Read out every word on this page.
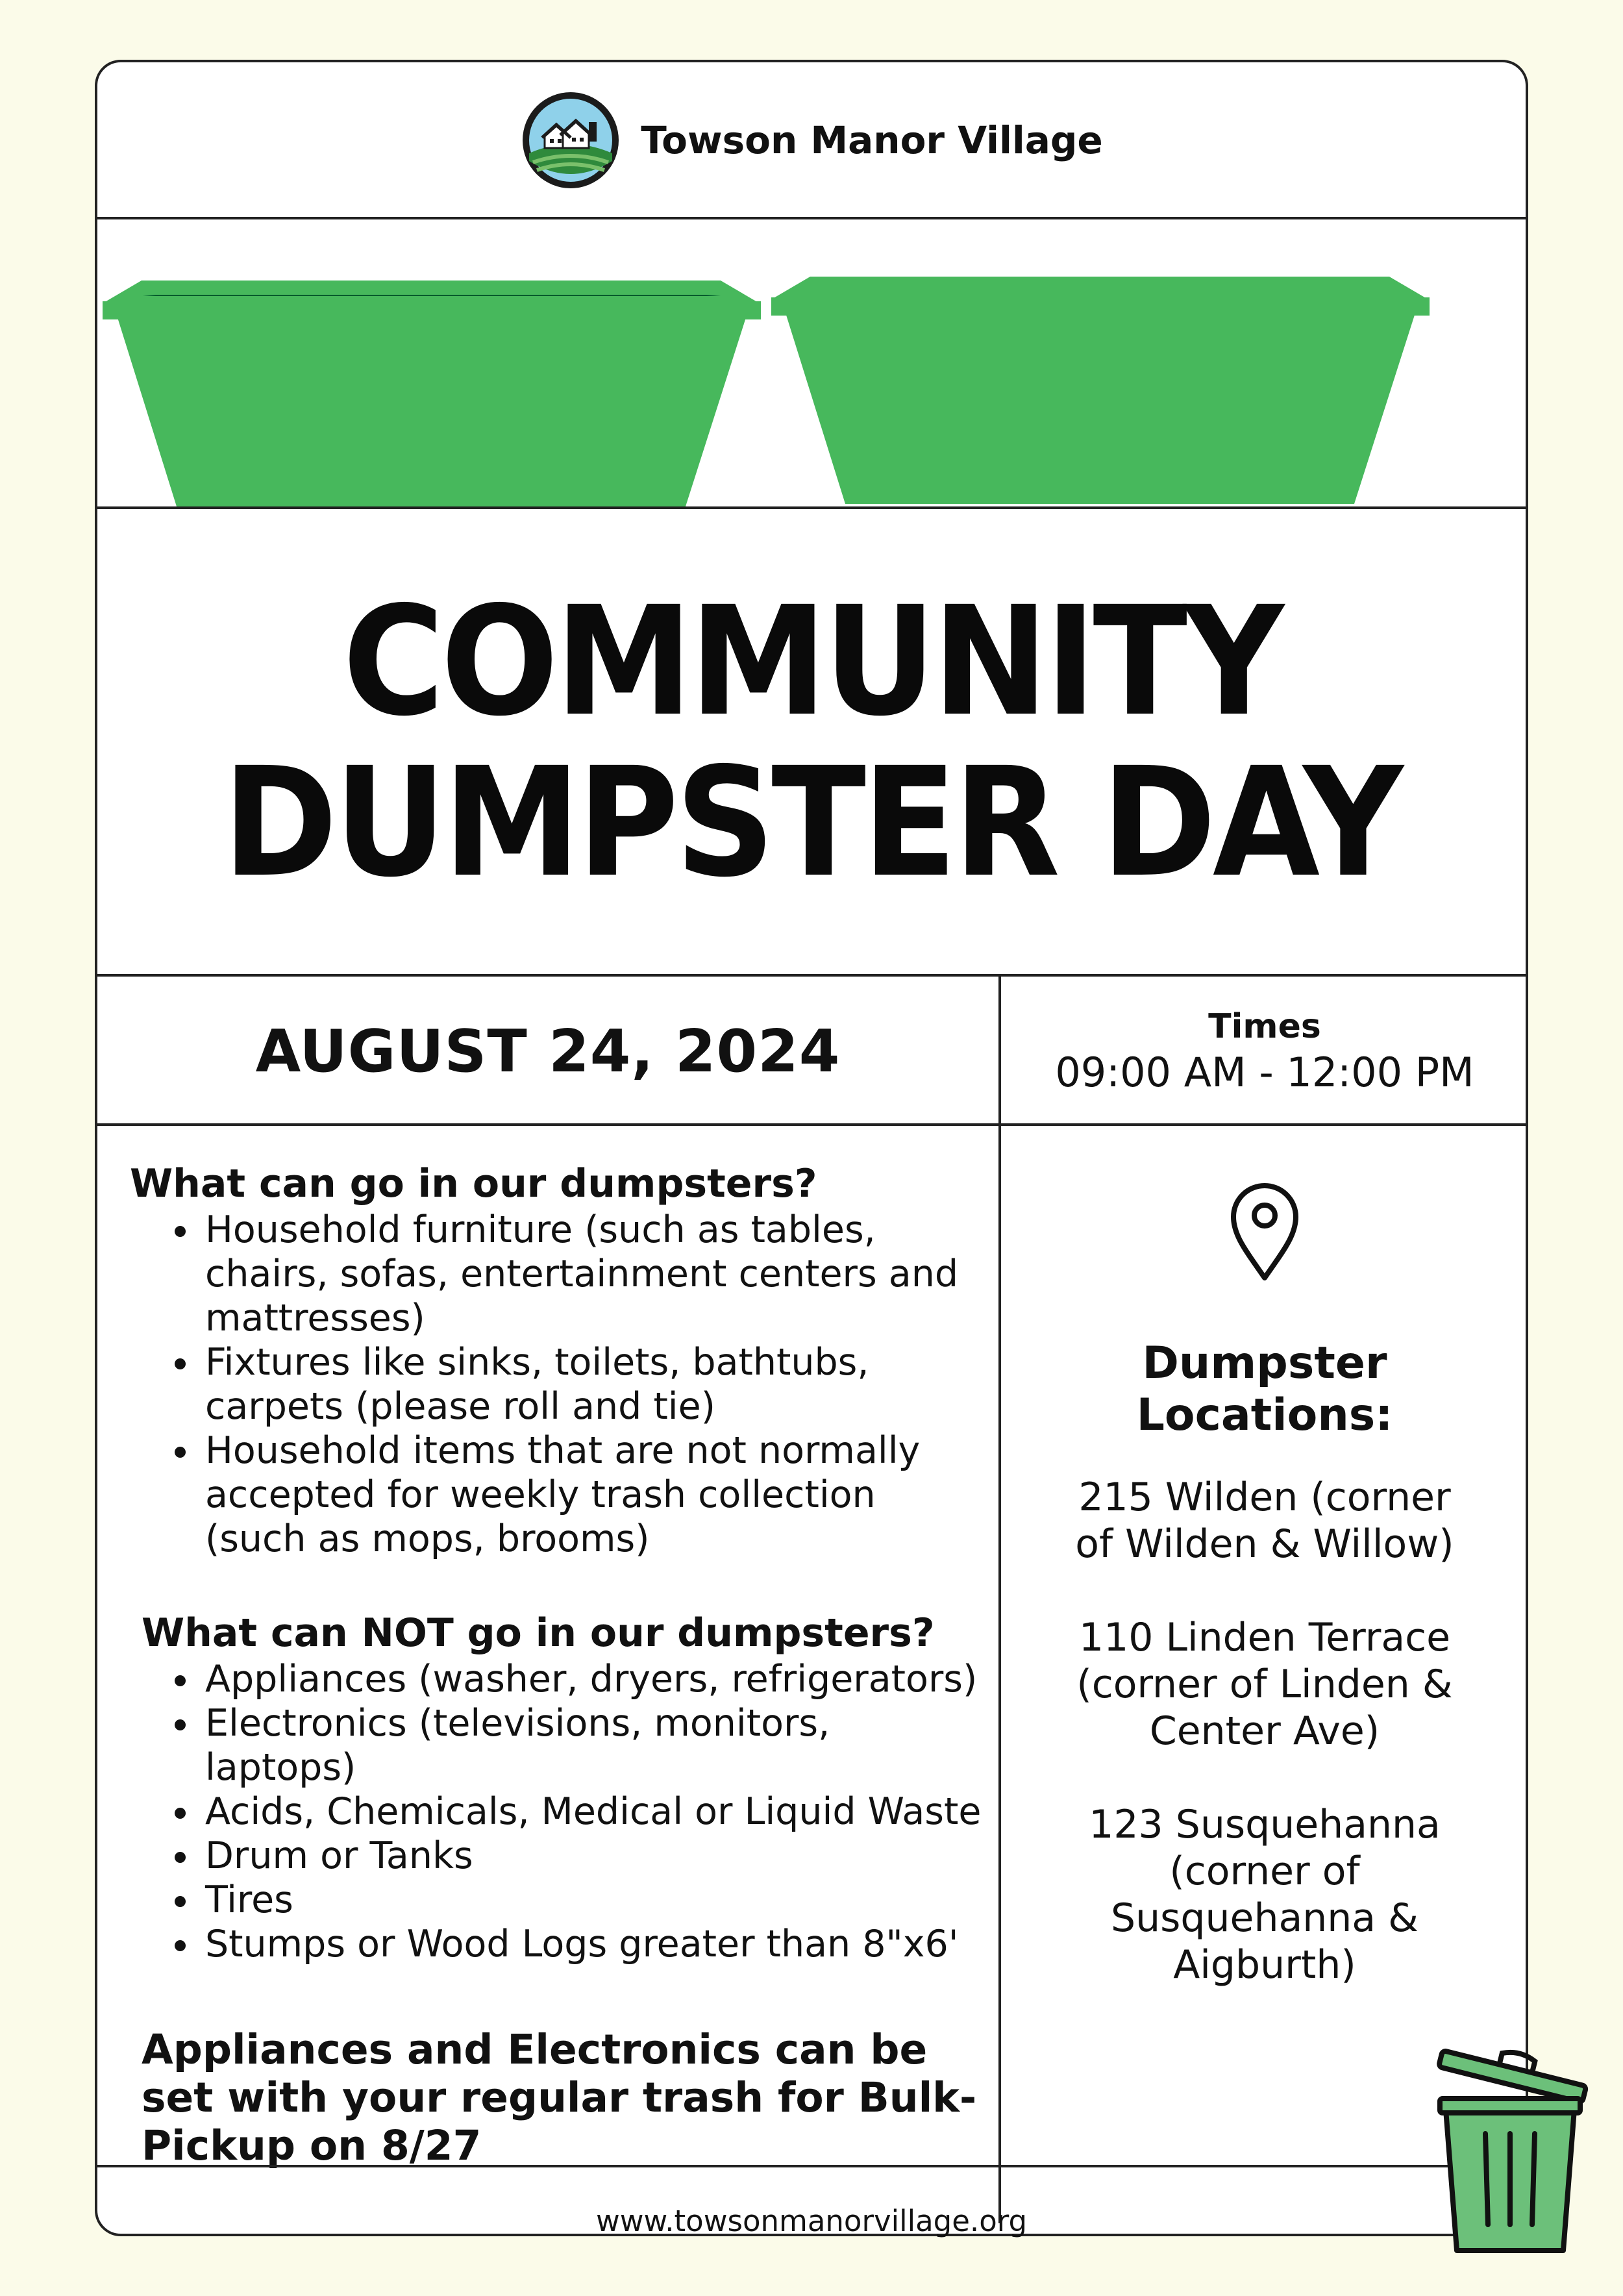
Towson Manor Village
COMMUNITY
DUMPSTER DAY
AUGUST 24, 2024	Times
09:00 AM - 12:00 PM

What can go in our dumpsters?

• Household furniture (such as tables, chairs, sofas, entertainment centers and mattresses)
• Fixtures like sinks, toilets, bathtubs, carpets (please roll and tie)
• Household items that are not normally accepted for weekly trash collection (such as mops, brooms)

What can NOT go in our dumpsters?

• Appliances (washer, dryers, refrigerators)
• Electronics (televisions, monitors, laptops)
• Acids, Chemicals, Medical or Liquid Waste
• Drum or Tanks
• Tires
• Stumps or Wood Logs greater than 8"x6'
Appliances and Electronics can be set with your regular trash for Bulk-Pickup on 8/27
Dumpster
Locations:
215 Wilden (corner of Wilden & Willow)
110 Linden Terrace (corner of Linden & Center Ave)
123 Susquehanna (corner of Susquehanna & Aigburth)
www.towsonmanorvillage.org
